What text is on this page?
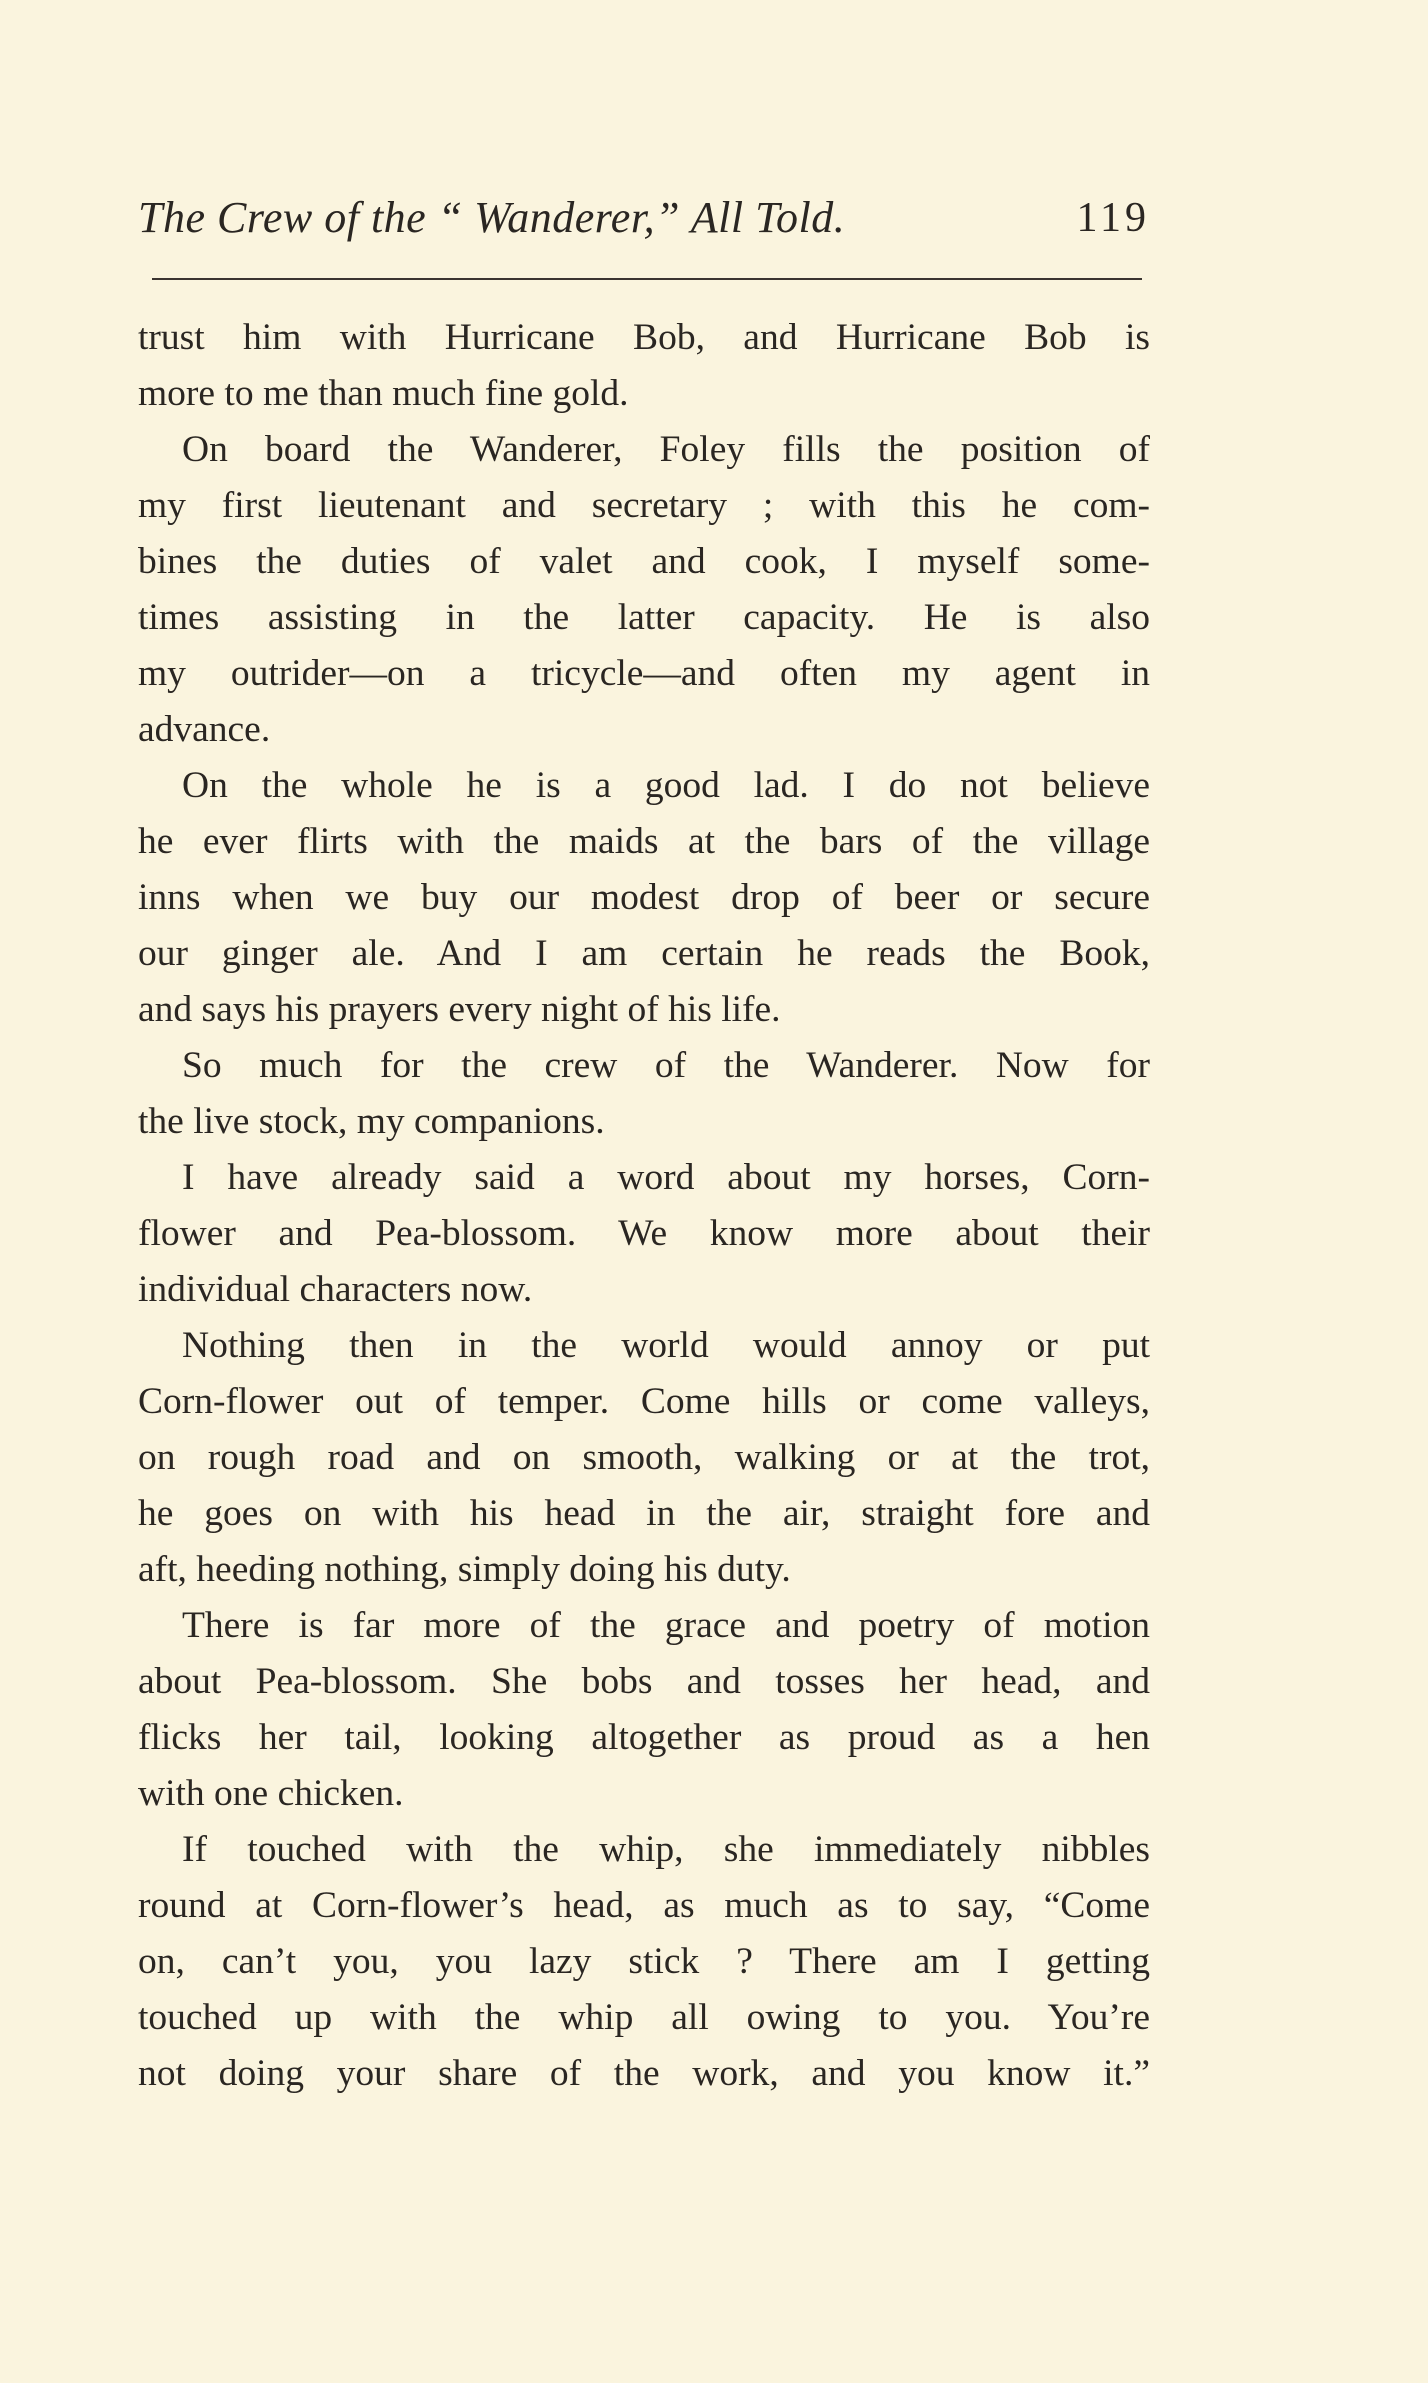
The Crew of the “ Wanderer,” All Told.	119

trust him with Hurricane Bob, and Hurricane Bob is
more to me than much fine gold.

On board the Wanderer, Foley fills the position of
my first lieutenant and secretary ; with this he com-
bines the duties of valet and cook, I myself some-
times assisting in the latter capacity. He is also
my outrider—on a tricycle—and often my agent in
advance.

On the whole he is a good lad. I do not believe
he ever flirts with the maids at the bars of the village
inns when we buy our modest drop of beer or secure
our ginger ale. And I am certain he reads the Book,
and says his prayers every night of his life.

So much for the crew of the Wanderer. Now for
the live stock, my companions.

I have already said a word about my horses, Corn-
flower and Pea-blossom. We know more about their
individual characters now.

Nothing then in the world would annoy or put
Corn-flower out of temper. Come hills or come valleys,
on rough road and on smooth, walking or at the trot,
he goes on with his head in the air, straight fore and
aft, heeding nothing, simply doing his duty.

There is far more of the grace and poetry of motion
about Pea-blossom. She bobs and tosses her head, and
flicks her tail, looking altogether as proud as a hen
with one chicken.

If touched with the whip, she immediately nibbles
round at Corn-flower’s head, as much as to say, “Come
on, can’t you, you lazy stick ? There am I getting
touched up with the whip all owing to you. You’re
not doing your share of the work, and you know it.”
